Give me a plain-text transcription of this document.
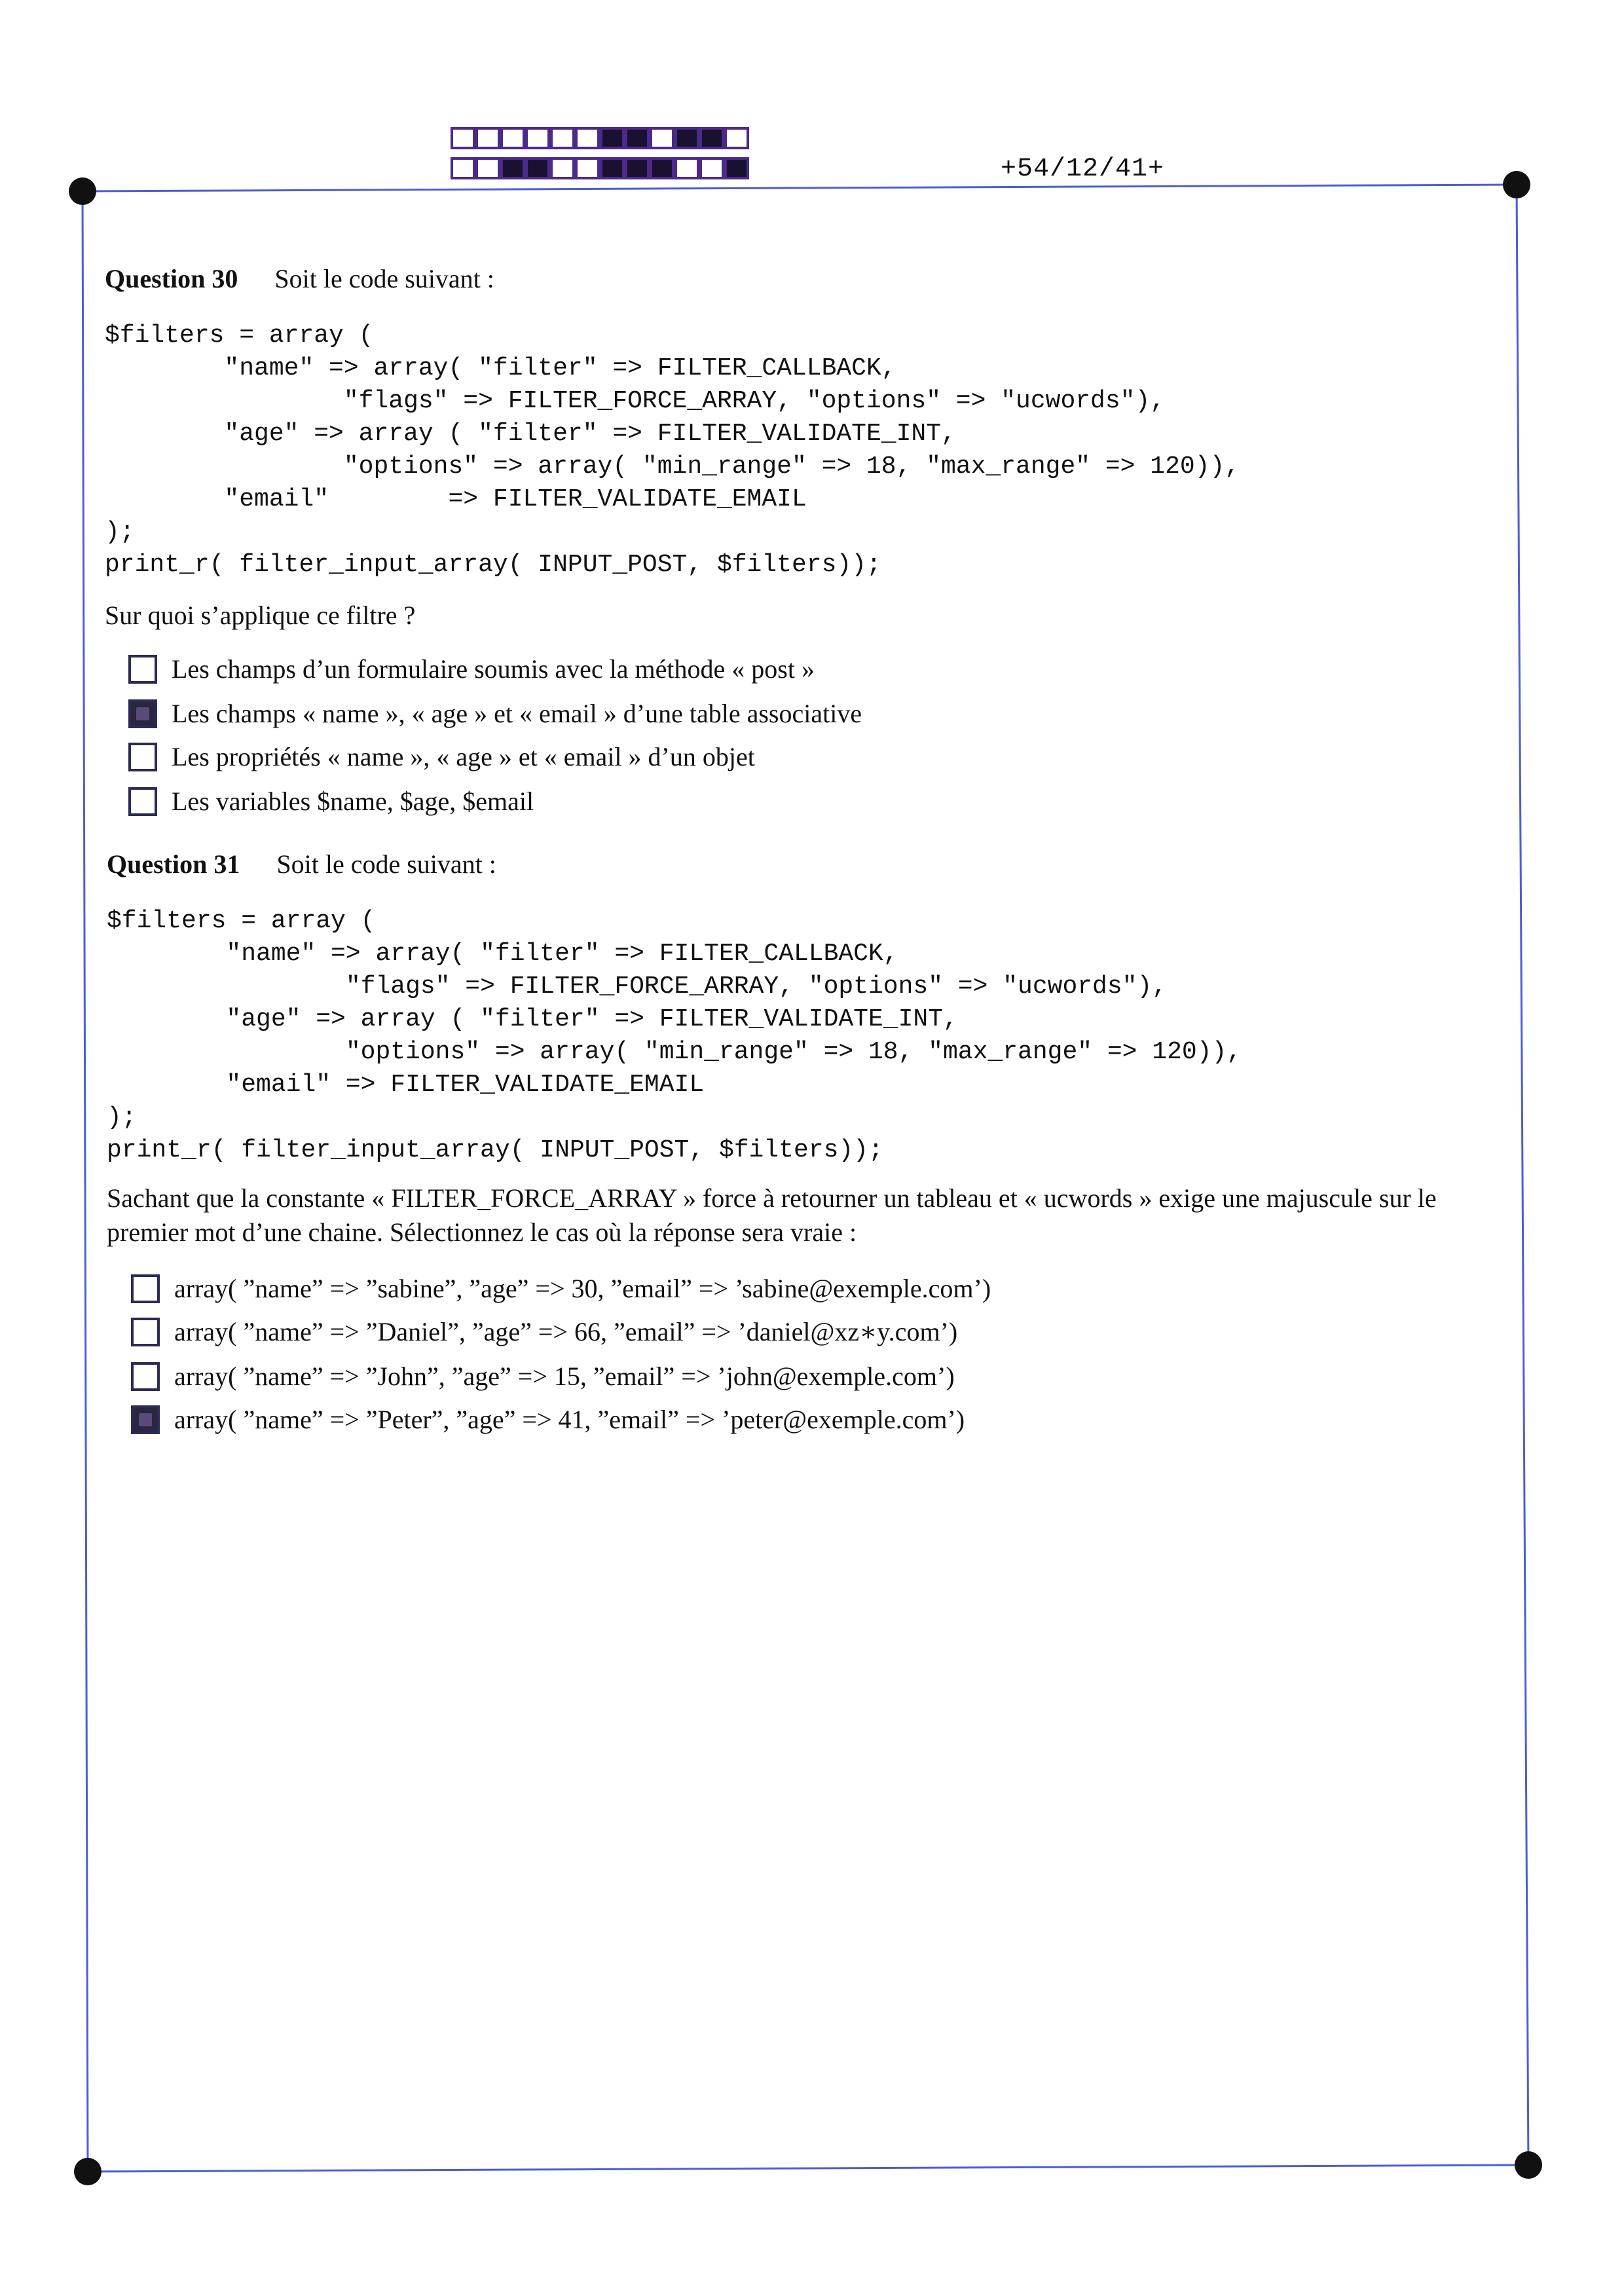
+54/12/41+
Question 30 Soit le code suivant :
$filters = array (
"name" => array( "filter" => FILTER_CALLBACK,
"flags" => FILTER_FORCE_ARRAY, "options" => "ucwords"),
"age" => array ( "filter" => FILTER_VALIDATE_INT,
"options" => array( "min_range" => 18, "max_range" => 120)),
"email"        => FILTER_VALIDATE_EMAIL
);
print_r( filter_input_array( INPUT_POST, $filters));
Sur quoi s’applique ce filtre ?
Les champs d’un formulaire soumis avec la méthode « post »
Les champs « name », « age » et « email » d’une table associative
Les propriétés « name », « age » et « email » d’un objet
Les variables $name, $age, $email
Question 31 Soit le code suivant :
$filters = array (
"name" => array( "filter" => FILTER_CALLBACK,
"flags" => FILTER_FORCE_ARRAY, "options" => "ucwords"),
"age" => array ( "filter" => FILTER_VALIDATE_INT,
"options" => array( "min_range" => 18, "max_range" => 120)),
"email" => FILTER_VALIDATE_EMAIL
);
print_r( filter_input_array( INPUT_POST, $filters));
Sachant que la constante « FILTER_FORCE_ARRAY » force à retourner un tableau et « ucwords » exige une majuscule sur le premier mot d’une chaine. Sélectionnez le cas où la réponse sera vraie :
array( ”name” => ”sabine”, ”age” => 30, ”email” => ’sabine@exemple.com’)
array( ”name” => ”Daniel”, ”age” => 66, ”email” => ’daniel@xz∗y.com’)
array( ”name” => ”John”, ”age” => 15, ”email” => ’john@exemple.com’)
array( ”name” => ”Peter”, ”age” => 41, ”email” => ’peter@exemple.com’)
